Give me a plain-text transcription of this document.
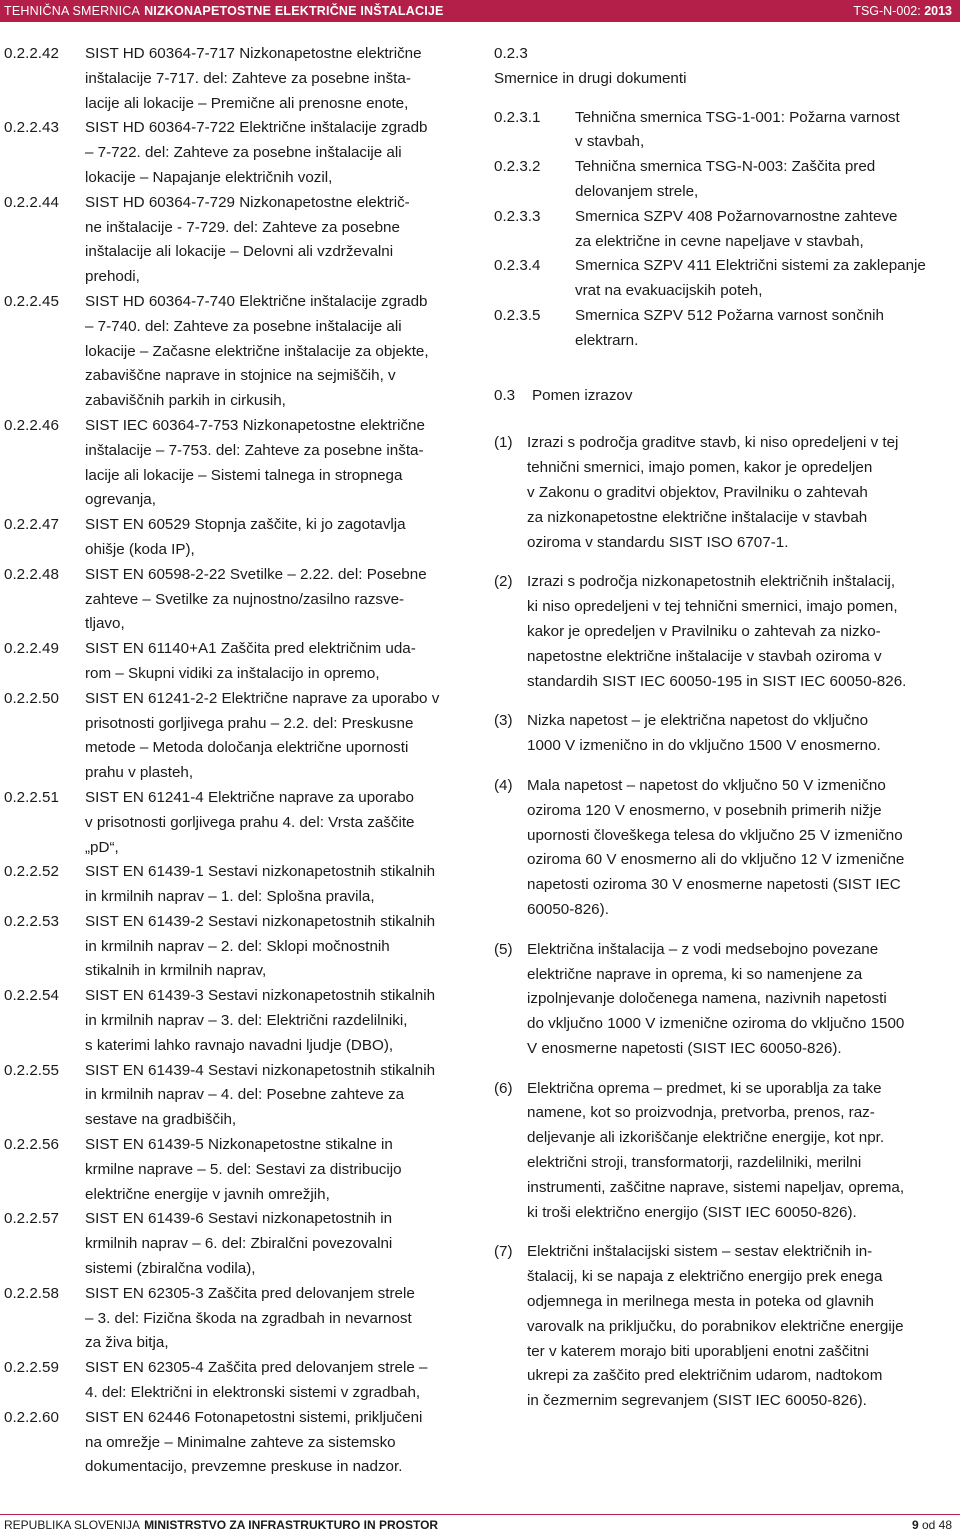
TEHNIČNA SMERNICA NIZKONAPETOSTNE ELEKTRIČNE INŠTALACIJE	TSG-N-002: 2013
0.2.2.42	SIST HD 60364-7-717 Nizkonapetostne električne

inštalacije 7-717. del: Zahteve za posebne inšta-

lacije ali lokacije – Premične ali prenosne enote,

0.2.2.43	SIST HD 60364-7-722 Električne inštalacije zgradb

– 7-722. del: Zahteve za posebne inštalacije ali

lokacije – Napajanje električnih vozil,

0.2.2.44	SIST HD 60364-7-729 Nizkonapetostne električ-

ne inštalacije - 7-729. del: Zahteve za posebne

inštalacije ali lokacije – Delovni ali vzdrževalni

prehodi,

0.2.2.45	SIST HD 60364-7-740 Električne inštalacije zgradb

– 7-740. del: Zahteve za posebne inštalacije ali

lokacije – Začasne električne inštalacije za objekte,

zabaviščne naprave in stojnice na sejmiščih, v

zabaviščnih parkih in cirkusih,

0.2.2.46	SIST IEC 60364-7-753 Nizkonapetostne električne

inštalacije – 7-753. del: Zahteve za posebne inšta-

lacije ali lokacije – Sistemi talnega in stropnega

ogrevanja,

0.2.2.47	SIST EN 60529 Stopnja zaščite, ki jo zagotavlja

ohišje (koda IP),

0.2.2.48	SIST EN 60598-2-22 Svetilke – 2.22. del: Posebne

zahteve – Svetilke za nujnostno/zasilno razsve-

tljavo,

0.2.2.49	SIST EN 61140+A1 Zaščita pred električnim uda-

rom – Skupni vidiki za inštalacijo in opremo,

0.2.2.50	SIST EN 61241-2-2 Električne naprave za uporabo v

prisotnosti gorljivega prahu – 2.2. del: Preskusne

metode – Metoda določanja električne upornosti

prahu v plasteh,

0.2.2.51	SIST EN 61241-4 Električne naprave za uporabo

v prisotnosti gorljivega prahu 4. del: Vrsta zaščite

„pD“,

0.2.2.52	SIST EN 61439-1 Sestavi nizkonapetostnih stikalnih

in krmilnih naprav – 1. del: Splošna pravila,

0.2.2.53	SIST EN 61439-2 Sestavi nizkonapetostnih stikalnih

in krmilnih naprav – 2. del: Sklopi močnostnih

stikalnih in krmilnih naprav,

0.2.2.54	SIST EN 61439-3 Sestavi nizkonapetostnih stikalnih

in krmilnih naprav – 3. del: Električni razdelilniki,

s katerimi lahko ravnajo navadni ljudje (DBO),

0.2.2.55	SIST EN 61439-4 Sestavi nizkonapetostnih stikalnih

in krmilnih naprav – 4. del: Posebne zahteve za

sestave na gradbiščih,

0.2.2.56	SIST EN 61439-5 Nizkonapetostne stikalne in

krmilne naprave – 5. del: Sestavi za distribucijo

električne energije v javnih omrežjih,

0.2.2.57	SIST EN 61439-6 Sestavi nizkonapetostnih in

krmilnih naprav – 6. del: Zbiralčni povezovalni

sistemi (zbiralčna vodila),

0.2.2.58	SIST EN 62305-3 Zaščita pred delovanjem strele

– 3. del: Fizična škoda na zgradbah in nevarnost

za živa bitja,

0.2.2.59	SIST EN 62305-4 Zaščita pred delovanjem strele –

4. del: Električni in elektronski sistemi v zgradbah,

0.2.2.60	SIST EN 62446 Fotonapetostni sistemi, priključeni

na omrežje – Minimalne zahteve za sistemsko

dokumentacijo, prevzemne preskuse in nadzor.

0.2.3

Smernice in drugi dokumenti

0.2.3.1	Tehnična smernica TSG-1-001: Požarna varnost
v stavbah,
0.2.3.2	Tehnična smernica TSG-N-003: Zaščita pred
delovanjem strele,
0.2.3.3	Smernica SZPV 408 Požarnovarnostne zahteve
za električne in cevne napeljave v stavbah,
0.2.3.4	Smernica SZPV 411 Električni sistemi za zaklepanje
vrat na evakuacijskih poteh,
0.2.3.5	Smernica SZPV 512 Požarna varnost sončnih
elektrarn.
0.3 Pomen izrazov
(1) Izrazi s področja graditve stavb, ki niso opredeljeni v tej
tehnični smernici, imajo pomen, kakor je opredeljen
v Zakonu o graditvi objektov, Pravilniku o zahtevah
za nizkonapetostne električne inštalacije v stavbah
oziroma v standardu SIST ISO 6707-1.
(2) Izrazi s področja nizkonapetostnih električnih inštalacij,
ki niso opredeljeni v tej tehnični smernici, imajo pomen,
kakor je opredeljen v Pravilniku o zahtevah za nizko-
napetostne električne inštalacije v stavbah oziroma v
standardih SIST IEC 60050-195 in SIST IEC 60050-826.
(3) Nizka napetost – je električna napetost do vključno
1000 V izmenično in do vključno 1500 V enosmerno.
(4) Mala napetost – napetost do vključno 50 V izmenično
oziroma 120 V enosmerno, v posebnih primerih nižje
upornosti človeškega telesa do vključno 25 V izmenično
oziroma 60 V enosmerno ali do vključno 12 V izmenične
napetosti oziroma 30 V enosmerne napetosti (SIST IEC
60050-826).
(5) Električna inštalacija – z vodi medsebojno povezane
električne naprave in oprema, ki so namenjene za
izpolnjevanje določenega namena, nazivnih napetosti
do vključno 1000 V izmenične oziroma do vključno 1500
V enosmerne napetosti (SIST IEC 60050-826).
(6) Električna oprema – predmet, ki se uporablja za take
namene, kot so proizvodnja, pretvorba, prenos, raz-
deljevanje ali izkoriščanje električne energije, kot npr.
električni stroji, transformatorji, razdelilniki, merilni
instrumenti, zaščitne naprave, sistemi napeljav, oprema,
ki troši električno energijo (SIST IEC 60050-826).
(7) Električni inštalacijski sistem – sestav električnih in-
štalacij, ki se napaja z električno energijo prek enega
odjemnega in merilnega mesta in poteka od glavnih
varovalk na priključku, do porabnikov električne energije
ter v katerem morajo biti uporabljeni enotni zaščitni
ukrepi za zaščito pred električnim udarom, nadtokom
in čezmernim segrevanjem (SIST IEC 60050-826).
REPUBLIKA SLOVENIJA MINISTRSTVO ZA INFRASTRUKTURO IN PROSTOR	9 od 48
